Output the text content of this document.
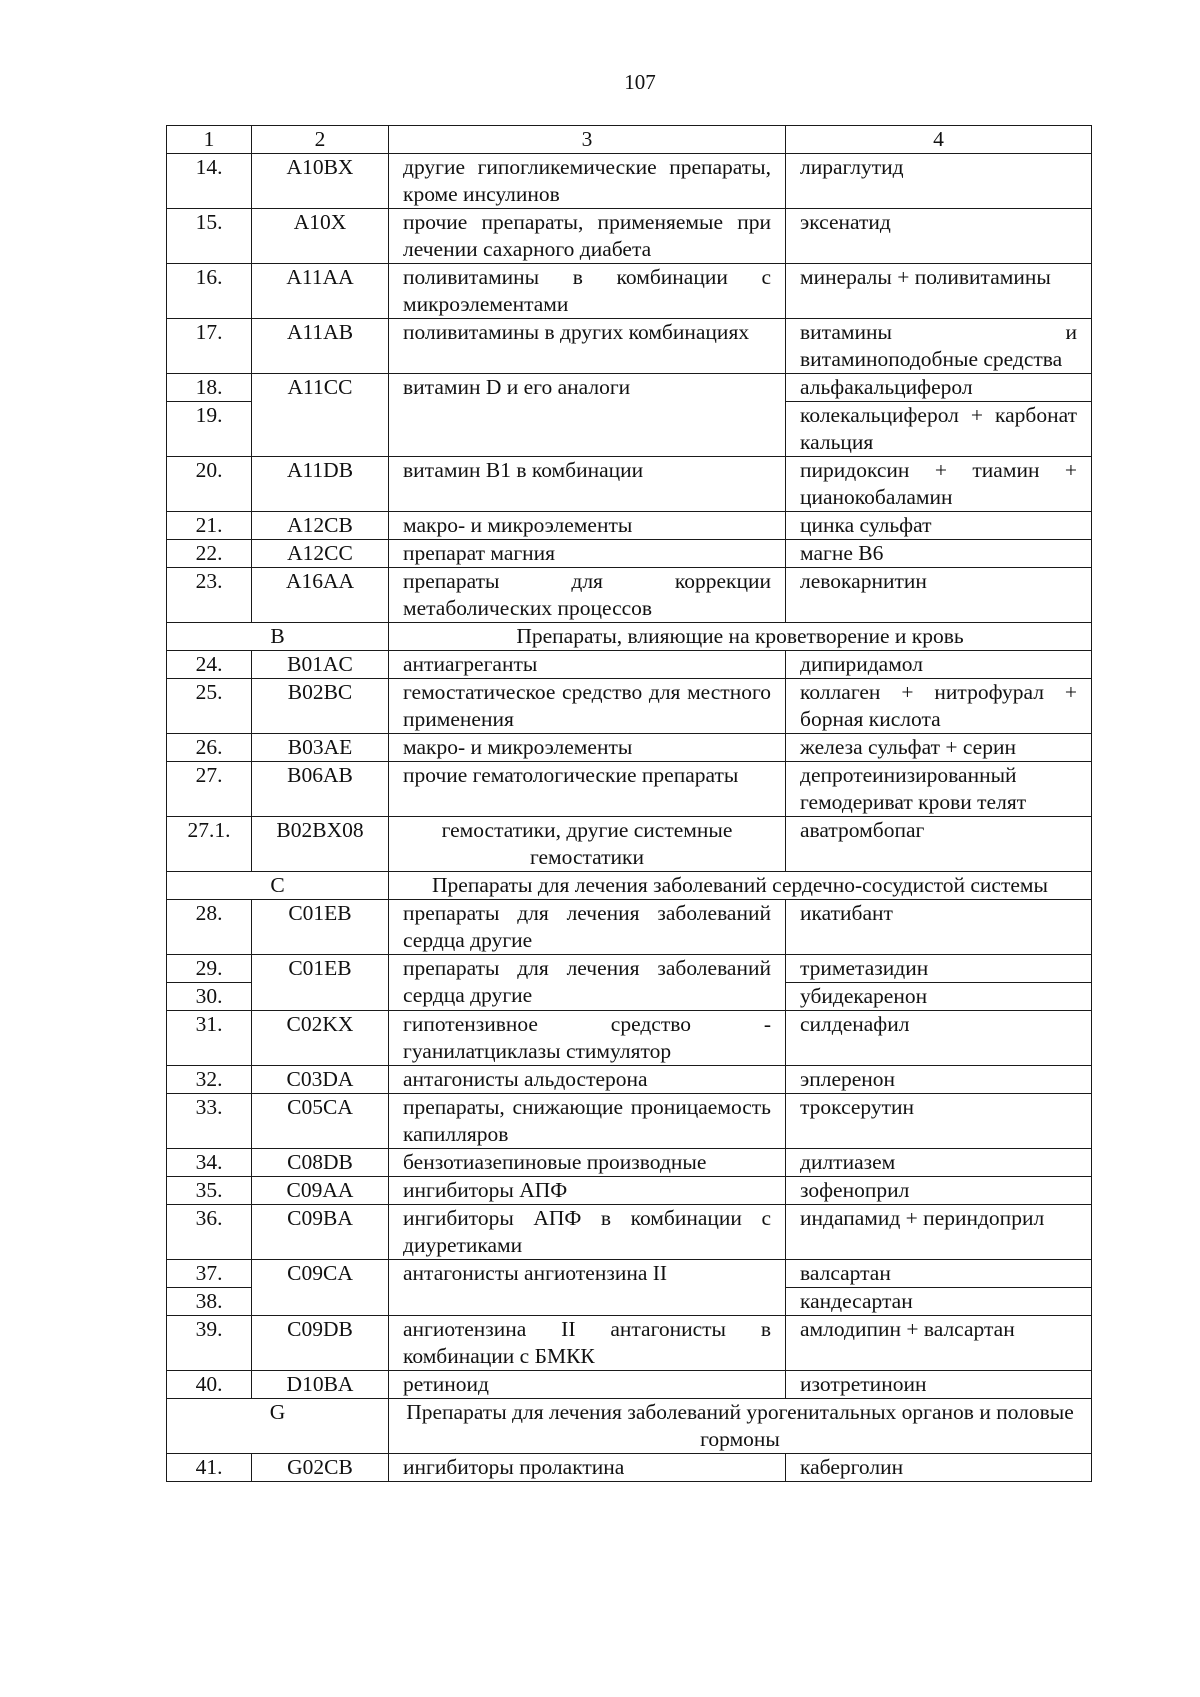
107
1	2	3	4
14.	A10BX	другие гипогликемические препараты, кроме инсулинов	лираглутид
15.	A10X	прочие препараты, применяемые при лечении сахарного диабета	эксенатид
16.	A11AA	поливитамины в комбинации с микроэлементами	минералы + поливитамины
17.	A11AB	поливитамины в других комбинациях	витамины и витаминоподобные средства
18.	A11CC	витамин D и его аналоги	альфакальциферол
19.			колекальциферол + карбонат кальция
20.	A11DB	витамин B1 в комбинации	пиридоксин + тиамин + цианокобаламин
21.	A12CB	макро- и микроэлементы	цинка сульфат
22.	A12CC	препарат магния	магне B6
23.	A16AA	препараты для коррекции метаболических процессов	левокарнитин
B		Препараты, влияющие на кроветворение и кровь	
24.	B01AC	антиагреганты	дипиридамол
25.	B02BC	гемостатическое средство для местного применения	коллаген + нитрофурал + борная кислота
26.	B03AE	макро- и микроэлементы	железа сульфат + серин
27.	B06AB	прочие гематологические препараты	депротеинизированный гемодериват крови телят
27.1.	B02BX08	гемостатики, другие системные гемостатики	аватромбопаг
C		Препараты для лечения заболеваний сердечно-сосудистой системы	
28.	C01EB	препараты для лечения заболеваний сердца другие	икатибант
29.	C01EB	препараты для лечения заболеваний сердца другие	триметазидин
30.			убидекаренон
31.	C02KX	гипотензивное средство - гуанилатциклазы стимулятор	силденафил
32.	C03DA	антагонисты альдостерона	эплеренон
33.	C05CA	препараты, снижающие проницаемость капилляров	троксерутин
34.	C08DB	бензотиазепиновые производные	дилтиазем
35.	C09AA	ингибиторы АПФ	зофеноприл
36.	C09BA	ингибиторы АПФ в комбинации с диуретиками	индапамид + периндоприл
37.	C09CA	антагонисты ангиотензина II	валсартан
38.			кандесартан
39.	C09DB	ангиотензина II антагонисты в комбинации с БМКК	амлодипин + валсартан
40.	D10BA	ретиноид	изотретиноин
G		Препараты для лечения заболеваний урогенитальных органов и половые гормоны	
41.	G02CB	ингибиторы пролактина	каберголин
